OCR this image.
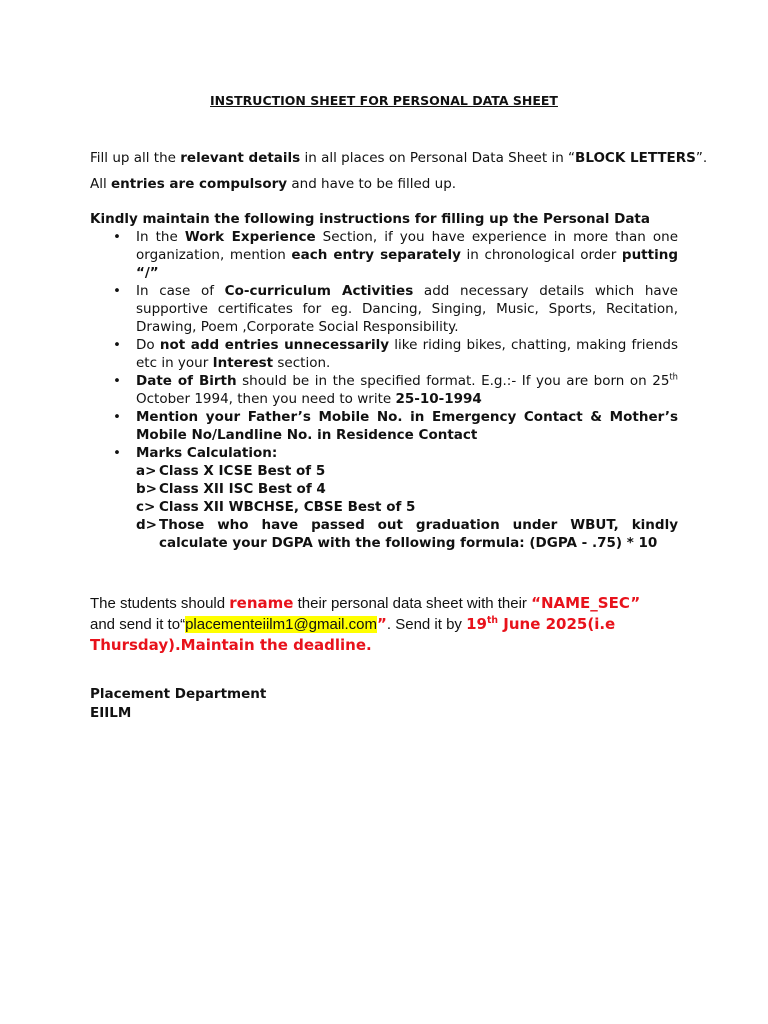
INSTRUCTION SHEET FOR PERSONAL DATA SHEET
Fill up all the relevant details in all places on Personal Data Sheet in “BLOCK LETTERS”.
All entries are compulsory and have to be filled up.
Kindly maintain the following instructions for filling up the Personal Data
• In the Work Experience Section, if you have experience in more than one organization, mention each entry separately in chronological order putting “/”
• In case of Co-curriculum Activities add necessary details which have supportive certificates for eg. Dancing, Singing, Music, Sports, Recitation, Drawing, Poem ,Corporate Social Responsibility.
• Do not add entries unnecessarily like riding bikes, chatting, making friends etc in your Interest section.
• Date of Birth should be in the specified format. E.g.:- If you are born on 25th October 1994, then you need to write 25-10-1994
• Mention your Father’s Mobile No. in Emergency Contact & Mother’s Mobile No/Landline No. in Residence Contact
• Marks Calculation:
a> Class X ICSE Best of 5
b> Class XII ISC Best of 4
c> Class XII WBCHSE, CBSE Best of 5
d> Those who have passed out graduation under WBUT, kindly calculate your DGPA with the following formula: (DGPA - .75) * 10
The students should rename their personal data sheet with their “NAME_SEC”
and send it to“placementeiilm1@gmail.com”. Send it by 19th June 2025(i.e
Thursday).Maintain the deadline.
Placement Department
EIILM
